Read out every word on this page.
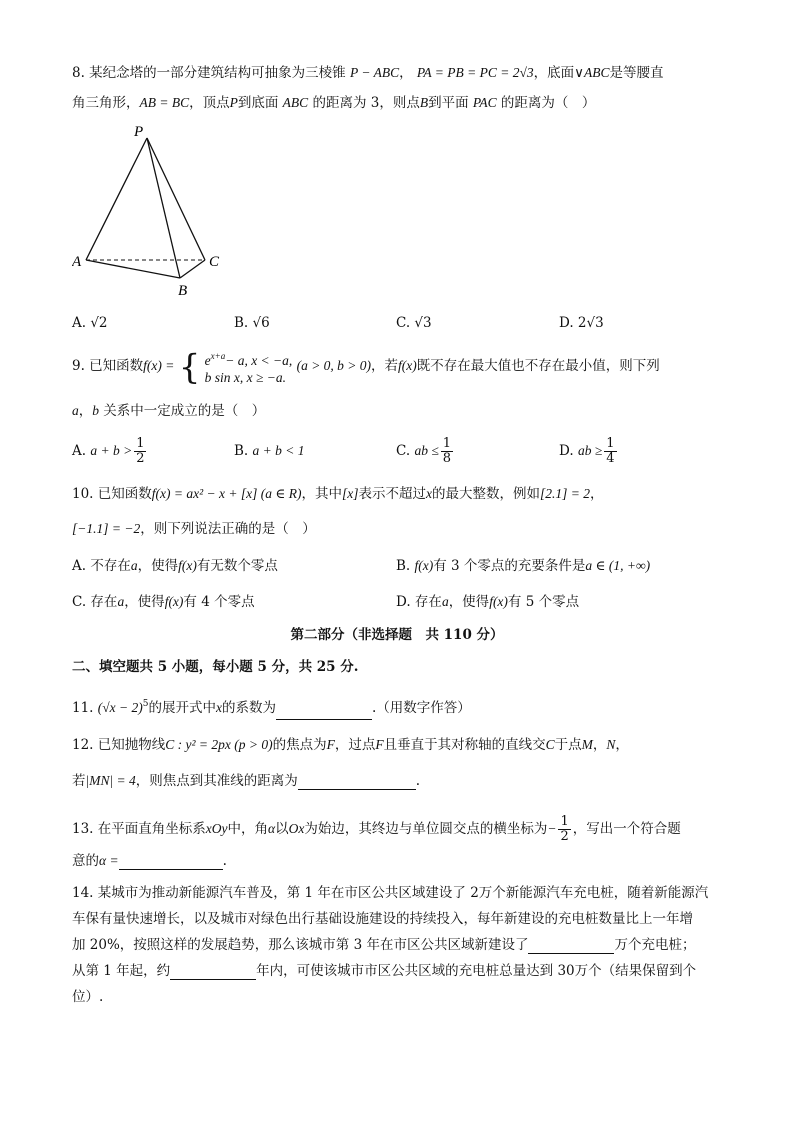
8. 某纪念塔的一部分建筑结构可抽象为三棱锥 P − ABC， PA = PB = PC = 2√3，底面∨ABC是等腰直
角三角形，AB = BC，顶点P到底面 ABC 的距离为 3，则点B到平面 PAC 的距离为（　）
P
A
B
C
A. √2	B. √6	C. √3	D. 2√3
9. 已知函数f(x) = { $e^{x+a}- a$, x < −a,
b sin x, x ≥ −a.
(a > 0, b > 0)，若f(x)既不存在最大值也不存在最小值，则下列
a，b 关系中一定成立的是（　）
A. $a + b > \frac{1}{2}$	B. a + b < 1	C. ab ≤ $\frac{1}{8}$	D. ab ≥ $\frac{1}{4}$
10. 已知函数f(x) = ax² − x + [x] (a ∈ R)，其中[x]表示不超过x的最大整数，例如[2.1] = 2，
[−1.1] = −2，则下列说法正确的是（　）
A. 不存在a，使得f(x)有无数个零点	B. f(x)有 3 个零点的充要条件是a ∈ (1, +∞)
C. 存在a，使得f(x)有 4 个零点	D. 存在a，使得f(x)有 5 个零点
第二部分（非选择题　共 110 分）
二、填空题共 5 小题，每小题 5 分，共 25 分.
11. $(√x - 2)^5$的展开式中x的系数为	.（用数字作答）
12. 已知抛物线C : y² = 2px (p > 0)的焦点为F，过点F且垂直于其对称轴的直线交C于点M，N，
若|MN| = 4，则焦点到其准线的距离为	.
13. 在平面直角坐标系xOy中，角α以Ox为始边，其终边与单位圆交点的横坐标为− $\frac{1}{2}$ ，写出一个符合题
意的α =	.
14. 某城市为推动新能源汽车普及，第 1 年在市区公共区域建设了 2万个新能源汽车充电桩，随着新能源汽
车保有量快速增长，以及城市对绿色出行基础设施建设的持续投入，每年新建设的充电桩数量比上一年增
加 20%，按照这样的发展趋势，那么该城市第 3 年在市区公共区域新建设了	万个充电桩；
从第 1 年起，约	年内，可使该城市市区公共区域的充电桩总量达到 30万个（结果保留到个
位）.
